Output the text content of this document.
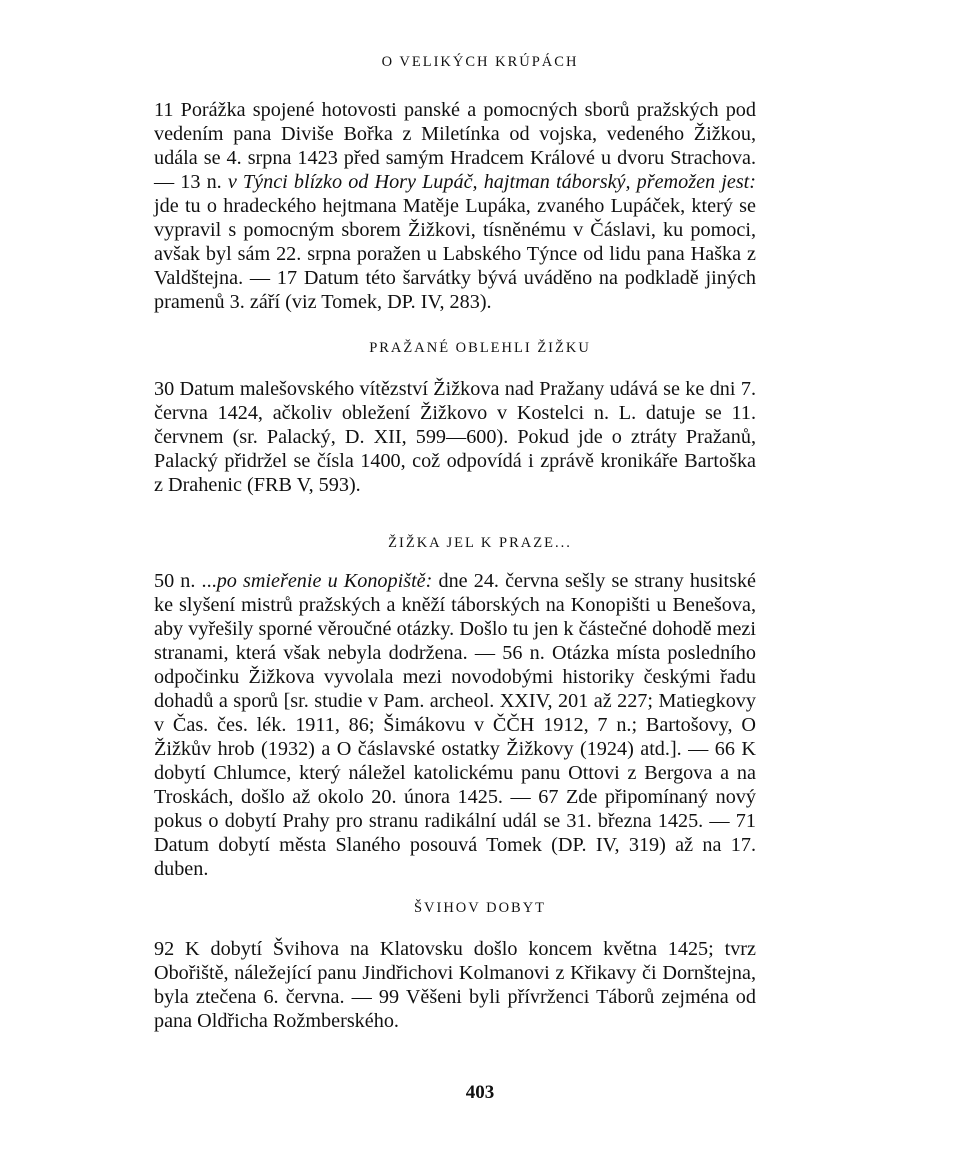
O VELIKÝCH KRÚPÁCH

11 Porážka spojené hotovosti panské a pomocných sborů pražských pod vedením pana Diviše Bořka z Miletínka od vojska, vedeného Žižkou, udála se 4. srpna 1423 před samým Hradcem Králové u dvoru Strachova. — 13 n. v Týnci blízko od Hory Lupáč, hajtman táborský, přemožen jest: jde tu o hradeckého hejtmana Matěje Lupáka, zvaného Lupáček, který se vypravil s pomocným sborem Žižkovi, tísněnému v Čáslavi, ku pomoci, avšak byl sám 22. srpna poražen u Labského Týnce od lidu pana Haška z Valdštejna. — 17 Datum této šarvátky bývá uváděno na podkladě jiných pramenů 3. září (viz Tomek, DP. IV, 283).

PRAŽANÉ OBLEHLI ŽIŽKU

30 Datum malešovského vítězství Žižkova nad Pražany udává se ke dni 7. června 1424, ačkoliv obležení Žižkovo v Kostelci n. L. datuje se 11. červnem (sr. Palacký, D. XII, 599—600). Pokud jde o ztráty Pražanů, Palacký přidržel se čísla 1400, což odpovídá i zprávě kronikáře Bartoška z Drahenic (FRB V, 593).

ŽIŽKA JEL K PRAZE...

50 n. ...po smieřenie u Konopiště: dne 24. června sešly se strany husitské ke slyšení mistrů pražských a kněží táborských na Konopišti u Benešova, aby vyřešily sporné věroučné otázky. Došlo tu jen k částečné dohodě mezi stranami, která však nebyla dodržena. — 56 n. Otázka místa posledního odpočinku Žižkova vyvolala mezi novodobými historiky českými řadu dohadů a sporů [sr. studie v Pam. archeol. XXIV, 201 až 227; Matiegkovy v Čas. čes. lék. 1911, 86; Šimákovu v ČČH 1912, 7 n.; Bartošovy, O Žižkův hrob (1932) a O čáslavské ostatky Žižkovy (1924) atd.]. — 66 K dobytí Chlumce, který náležel katolickému panu Ottovi z Bergova a na Troskách, došlo až okolo 20. února 1425. — 67 Zde připomínaný nový pokus o dobytí Prahy pro stranu radikální udál se 31. března 1425. — 71 Datum dobytí města Slaného posouvá Tomek (DP. IV, 319) až na 17. duben.

ŠVIHOV DOBYT

92 K dobytí Švihova na Klatovsku došlo koncem května 1425; tvrz Obořiště, náležející panu Jindřichovi Kolmanovi z Křikavy či Dornštejna, byla ztečena 6. června. — 99 Věšeni byli přívrženci Táborů zejména od pana Oldřicha Rožmberského.

403
